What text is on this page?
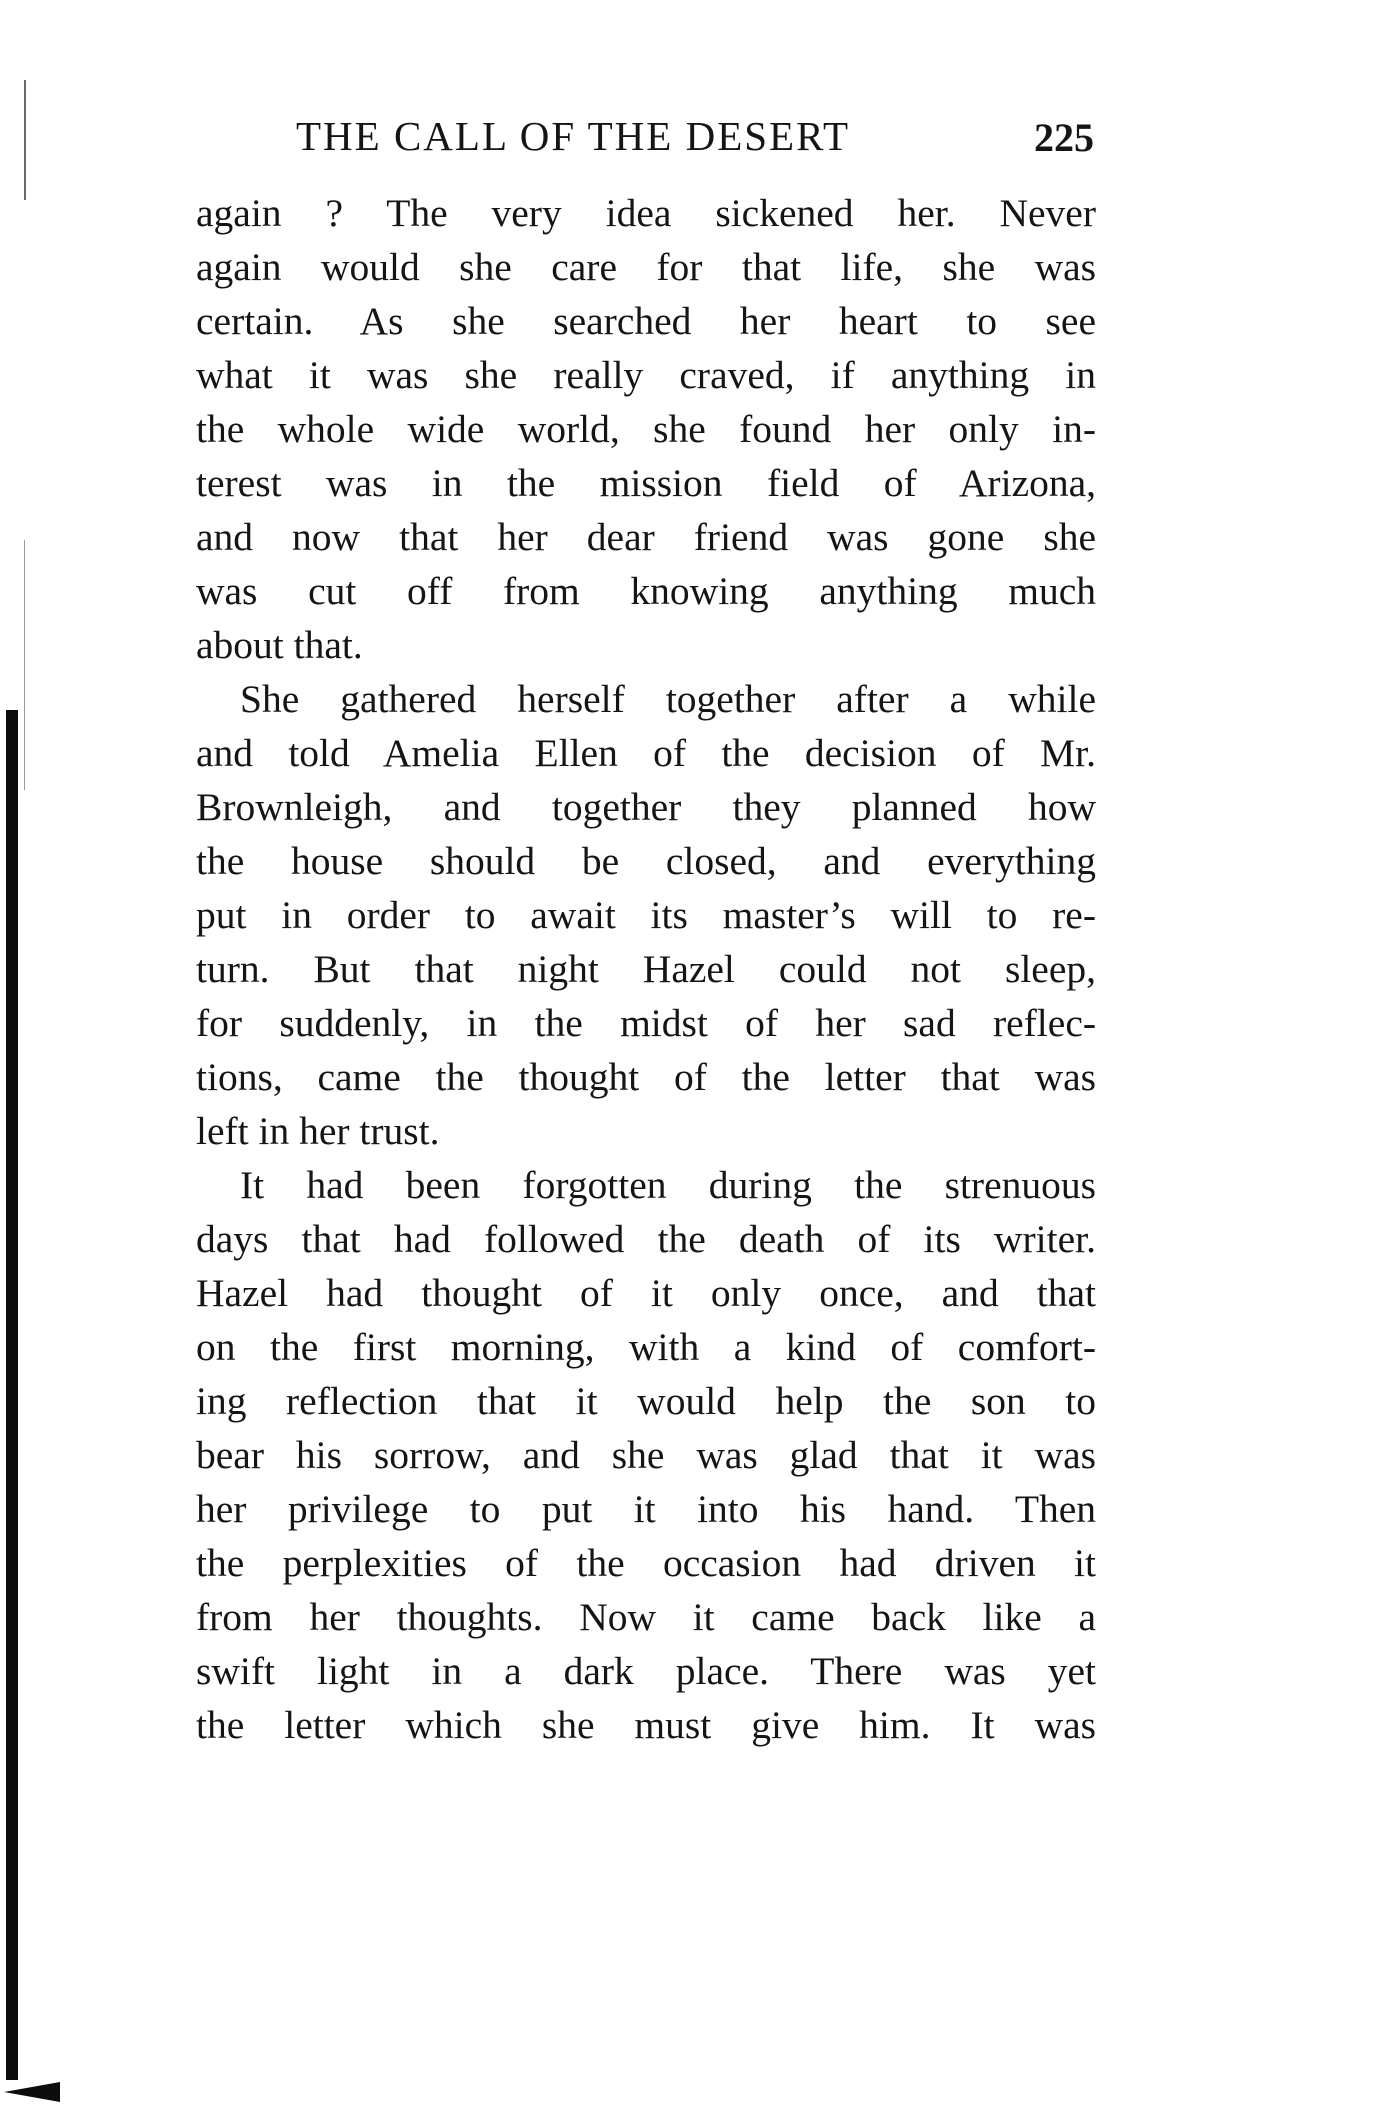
THE CALL OF THE DESERT	225
again ? The very idea sickened her. Never
again would she care for that life, she was
certain. As she searched her heart to see
what it was she really craved, if anything in
the whole wide world, she found her only in-
terest was in the mission field of Arizona,
and now that her dear friend was gone she
was cut off from knowing anything much
about that.
She gathered herself together after a while
and told Amelia Ellen of the decision of Mr.
Brownleigh, and together they planned how
the house should be closed, and everything
put in order to await its master’s will to re-
turn. But that night Hazel could not sleep,
for suddenly, in the midst of her sad reflec-
tions, came the thought of the letter that was
left in her trust.
It had been forgotten during the strenuous
days that had followed the death of its writer.
Hazel had thought of it only once, and that
on the first morning, with a kind of comfort-
ing reflection that it would help the son to
bear his sorrow, and she was glad that it was
her privilege to put it into his hand. Then
the perplexities of the occasion had driven it
from her thoughts. Now it came back like a
swift light in a dark place. There was yet
the letter which she must give him. It was
